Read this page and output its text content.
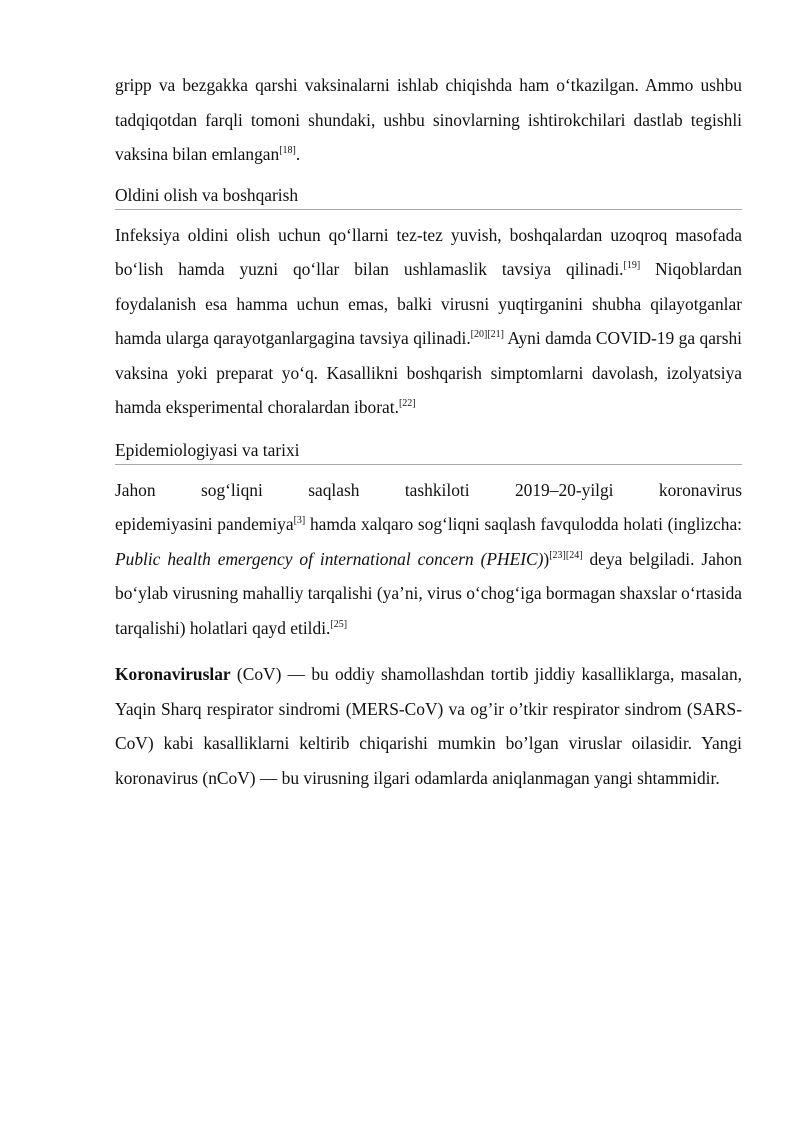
gripp va bezgakka qarshi vaksinalarni ishlab chiqishda ham o‘tkazilgan. Ammo ushbu tadqiqotdan farqli tomoni shundaki, ushbu sinovlarning ishtirokchilari dastlab tegishli vaksina bilan emlangan[18].

Oldini olish va boshqarish

Infeksiya oldini olish uchun qo‘llarni tez-tez yuvish, boshqalardan uzoqroq masofada bo‘lish hamda yuzni qo‘llar bilan ushlamaslik tavsiya qilinadi.[19] Niqoblardan foydalanish esa hamma uchun emas, balki virusni yuqtirganini shubha qilayotganlar hamda ularga qarayotganlargagina tavsiya qilinadi.[20][21] Ayni damda COVID-19 ga qarshi vaksina yoki preparat yo‘q. Kasallikni boshqarish simptomlarni davolash, izolyatsiya hamda eksperimental choralardan iborat.[22]

Epidemiologiyasi va tarixi

Jahon sog‘liqni saqlash tashkiloti 2019–20-yilgi koronavirus
epidemiyasini pandemiya[3] hamda xalqaro sog‘liqni saqlash favqulodda holati (inglizcha: Public health emergency of international concern (PHEIC))[23][24] deya belgiladi. Jahon bo‘ylab virusning mahalliy tarqalishi (ya’ni, virus o‘chog‘iga bormagan shaxslar o‘rtasida tarqalishi) holatlari qayd etildi.[25]

Koronaviruslar (CoV) — bu oddiy shamollashdan tortib jiddiy kasalliklarga, masalan, Yaqin Sharq respirator sindromi (MERS-CoV) va og’ir o’tkir respirator sindrom (SARS-CoV) kabi kasalliklarni keltirib chiqarishi mumkin bo’lgan viruslar oilasidir. Yangi koronavirus (nCoV) — bu virusning ilgari odamlarda aniqlanmagan yangi shtammidir.
